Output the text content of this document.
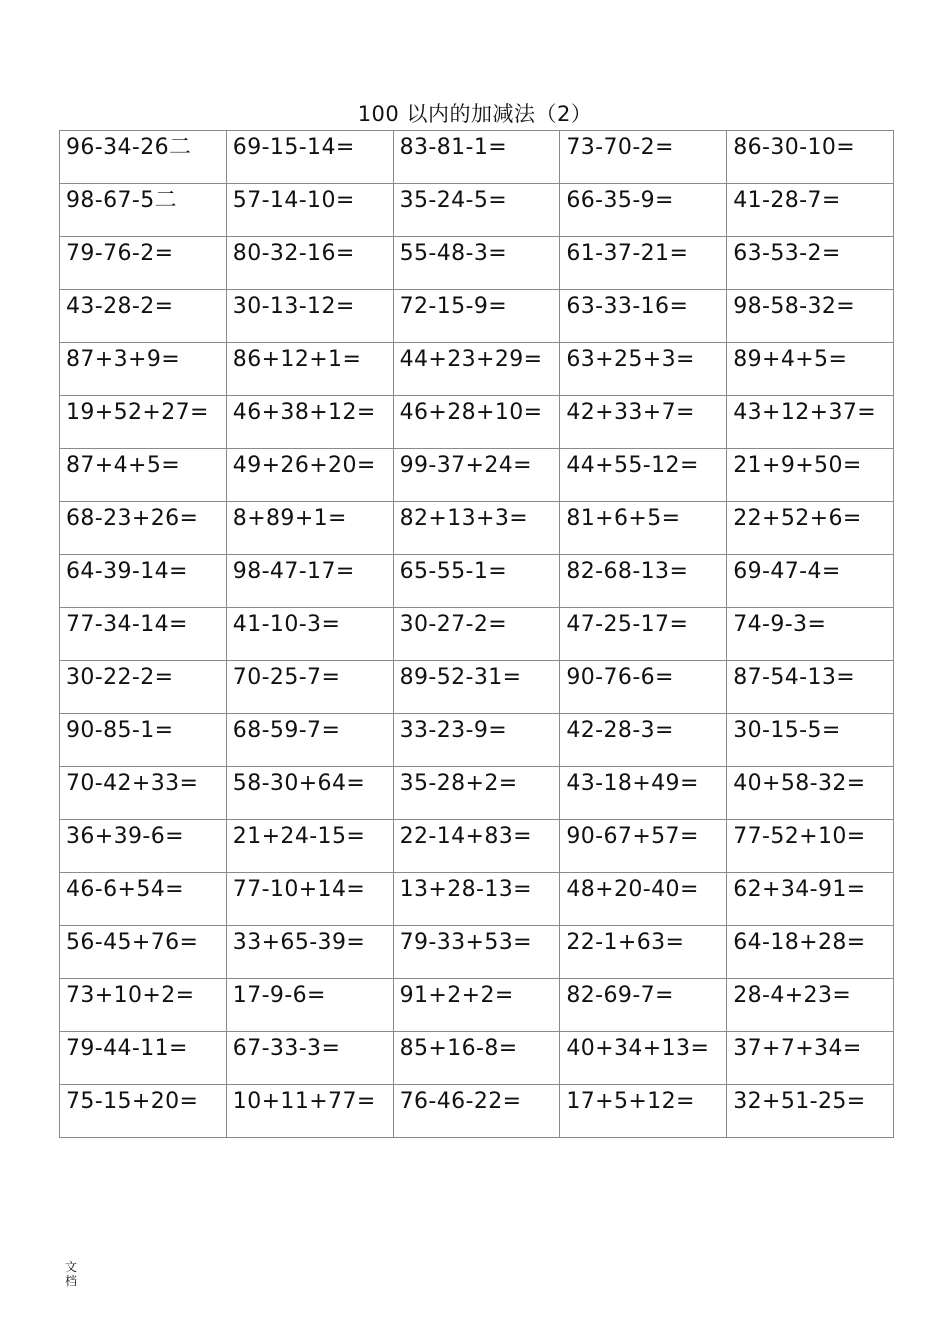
100 以内的加减法（2）
96-34-26二	69-15-14=	83-81-1=	73-70-2=	86-30-10=
98-67-5二	57-14-10=	35-24-5=	66-35-9=	41-28-7=
79-76-2=	80-32-16=	55-48-3=	61-37-21=	63-53-2=
43-28-2=	30-13-12=	72-15-9=	63-33-16=	98-58-32=
87+3+9=	86+12+1=	44+23+29=	63+25+3=	89+4+5=
19+52+27=	46+38+12=	46+28+10=	42+33+7=	43+12+37=
87+4+5=	49+26+20=	99-37+24=	44+55-12=	21+9+50=
68-23+26=	8+89+1=	82+13+3=	81+6+5=	22+52+6=
64-39-14=	98-47-17=	65-55-1=	82-68-13=	69-47-4=
77-34-14=	41-10-3=	30-27-2=	47-25-17=	74-9-3=
30-22-2=	70-25-7=	89-52-31=	90-76-6=	87-54-13=
90-85-1=	68-59-7=	33-23-9=	42-28-3=	30-15-5=
70-42+33=	58-30+64=	35-28+2=	43-18+49=	40+58-32=
36+39-6=	21+24-15=	22-14+83=	90-67+57=	77-52+10=
46-6+54=	77-10+14=	13+28-13=	48+20-40=	62+34-91=
56-45+76=	33+65-39=	79-33+53=	22-1+63=	64-18+28=
73+10+2=	17-9-6=	91+2+2=	82-69-7=	28-4+23=
79-44-11=	67-33-3=	85+16-8=	40+34+13=	37+7+34=
75-15+20=	10+11+77=	76-46-22=	17+5+12=	32+51-25=
文档
